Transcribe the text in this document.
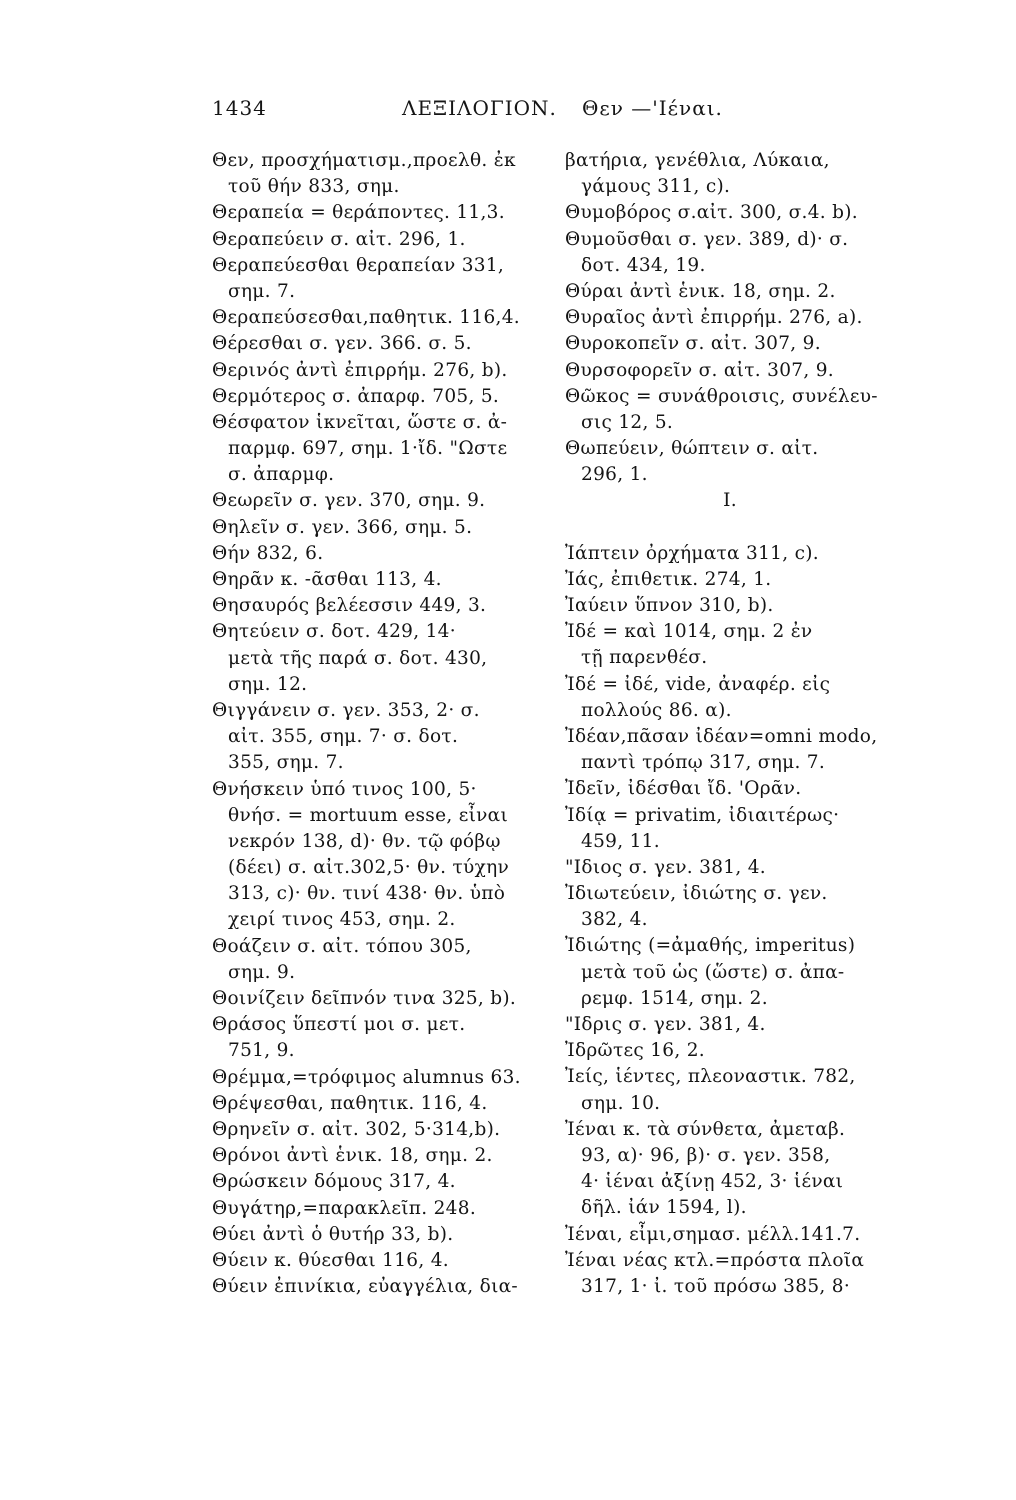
1434	ΛΕΞΙΛΟΓΙΟΝ. Θεν —'Ιέναι.
Θεν, προσχήματισμ.,προελθ. ἐκ
τοῦ θήν 833, σημ.
Θεραπεία = θεράποντες. 11,3.
Θεραπεύειν σ. αἰτ. 296, 1.
Θεραπεύεσθαι θεραπείαν 331,
σημ. 7.
Θεραπεύσεσθαι,παθητικ. 116,4.
Θέρεσθαι σ. γεν. 366. σ. 5.
Θερινός ἀντὶ ἐπιρρήμ. 276, b).
Θερμότερος σ. ἀπαρφ. 705, 5.
Θέσφατον ἱκνεῖται, ὥστε σ. ἀ-
παρμφ. 697, σημ. 1·ἴδ. "Ωστε
σ. ἀπαρμφ.
Θεωρεῖν σ. γεν. 370, σημ. 9.
Θηλεῖν σ. γεν. 366, σημ. 5.
Θήν 832, 6.
Θηρᾶν κ. -ᾶσθαι 113, 4.
Θησαυρός βελέεσσιν 449, 3.
Θητεύειν σ. δοτ. 429, 14·
μετὰ τῆς παρά σ. δοτ. 430,
σημ. 12.
Θιγγάνειν σ. γεν. 353, 2· σ.
αἰτ. 355, σημ. 7· σ. δοτ.
355, σημ. 7.
Θνήσκειν ὑπό τινος 100, 5·
θνήσ. = mortuum esse, εἶναι
νεκρόν 138, d)· θν. τῷ φόβῳ
(δέει) σ. αἰτ.302,5· θν. τύχην
313, c)· θν. τινί 438· θν. ὑπὸ
χειρί τινος 453, σημ. 2.
Θοάζειν σ. αἰτ. τόπου 305,
σημ. 9.
Θοινίζειν δεῖπνόν τινα 325, b).
Θράσος ὕπεστί μοι σ. μετ.
751, 9.
Θρέμμα,=τρόφιμος alumnus 63.
Θρέψεσθαι, παθητικ. 116, 4.
Θρηνεῖν σ. αἰτ. 302, 5·314,b).
Θρόνοι ἀντὶ ἑνικ. 18, σημ. 2.
Θρώσκειν δόμους 317, 4.
Θυγάτηρ,=παρακλεῖπ. 248.
Θύει ἀντὶ ὁ θυτήρ 33, b).
Θύειν κ. θύεσθαι 116, 4.
Θύειν ἐπινίκια, εὐαγγέλια, δια-
βατήρια, γενέθλια, Λύκαια,
γάμους 311, c).
Θυμοβόρος σ.αἰτ. 300, σ.4. b).
Θυμοῦσθαι σ. γεν. 389, d)· σ.
δοτ. 434, 19.
Θύραι ἀντὶ ἑνικ. 18, σημ. 2.
Θυραῖος ἀντὶ ἐπιρρήμ. 276, a).
Θυροκοπεῖν σ. αἰτ. 307, 9.
Θυρσοφορεῖν σ. αἰτ. 307, 9.
Θῶκος = συνάθροισις, συνέλευ-
σις 12, 5.
Θωπεύειν, θώπτειν σ. αἰτ.
296, 1.
I.
Ἰάπτειν ὀρχήματα 311, c).
Ἰάς, ἐπιθετικ. 274, 1.
Ἰαύειν ὕπνον 310, b).
Ἰδέ = καὶ 1014, σημ. 2 ἐν
τῇ παρενθέσ.
Ἰδέ = ἰδέ, vide, ἀναφέρ. εἰς
πολλούς 86. α).
Ἰδέαν,πᾶσαν ἰδέαν=omni modo,
παντὶ τρόπῳ 317, σημ. 7.
Ἰδεῖν, ἰδέσθαι ἴδ. 'Ορᾶν.
Ἰδίᾳ = privatim, ἰδιαιτέρως·
459, 11.
"Ιδιος σ. γεν. 381, 4.
Ἰδιωτεύειν, ἰδιώτης σ. γεν.
382, 4.
Ἰδιώτης (=ἀμαθής, imperitus)
μετὰ τοῦ ὡς (ὥστε) σ. ἀπα-
ρεμφ. 1514, σημ. 2.
"Ιδρις σ. γεν. 381, 4.
Ἰδρῶτες 16, 2.
Ἰείς, ἱέντες, πλεοναστικ. 782,
σημ. 10.
Ἰέναι κ. τὰ σύνθετα, ἀμεταβ.
93, α)· 96, β)· σ. γεν. 358,
4· ἱέναι ἀξίνῃ 452, 3· ἱέναι
δῆλ. ἰάν 1594, l).
Ἰέναι, εἶμι,σημασ. μέλλ.141.7.
Ἰέναι νέας κτλ.=πρόστα πλοῖα
317, 1· ἰ. τοῦ πρόσω 385, 8·
